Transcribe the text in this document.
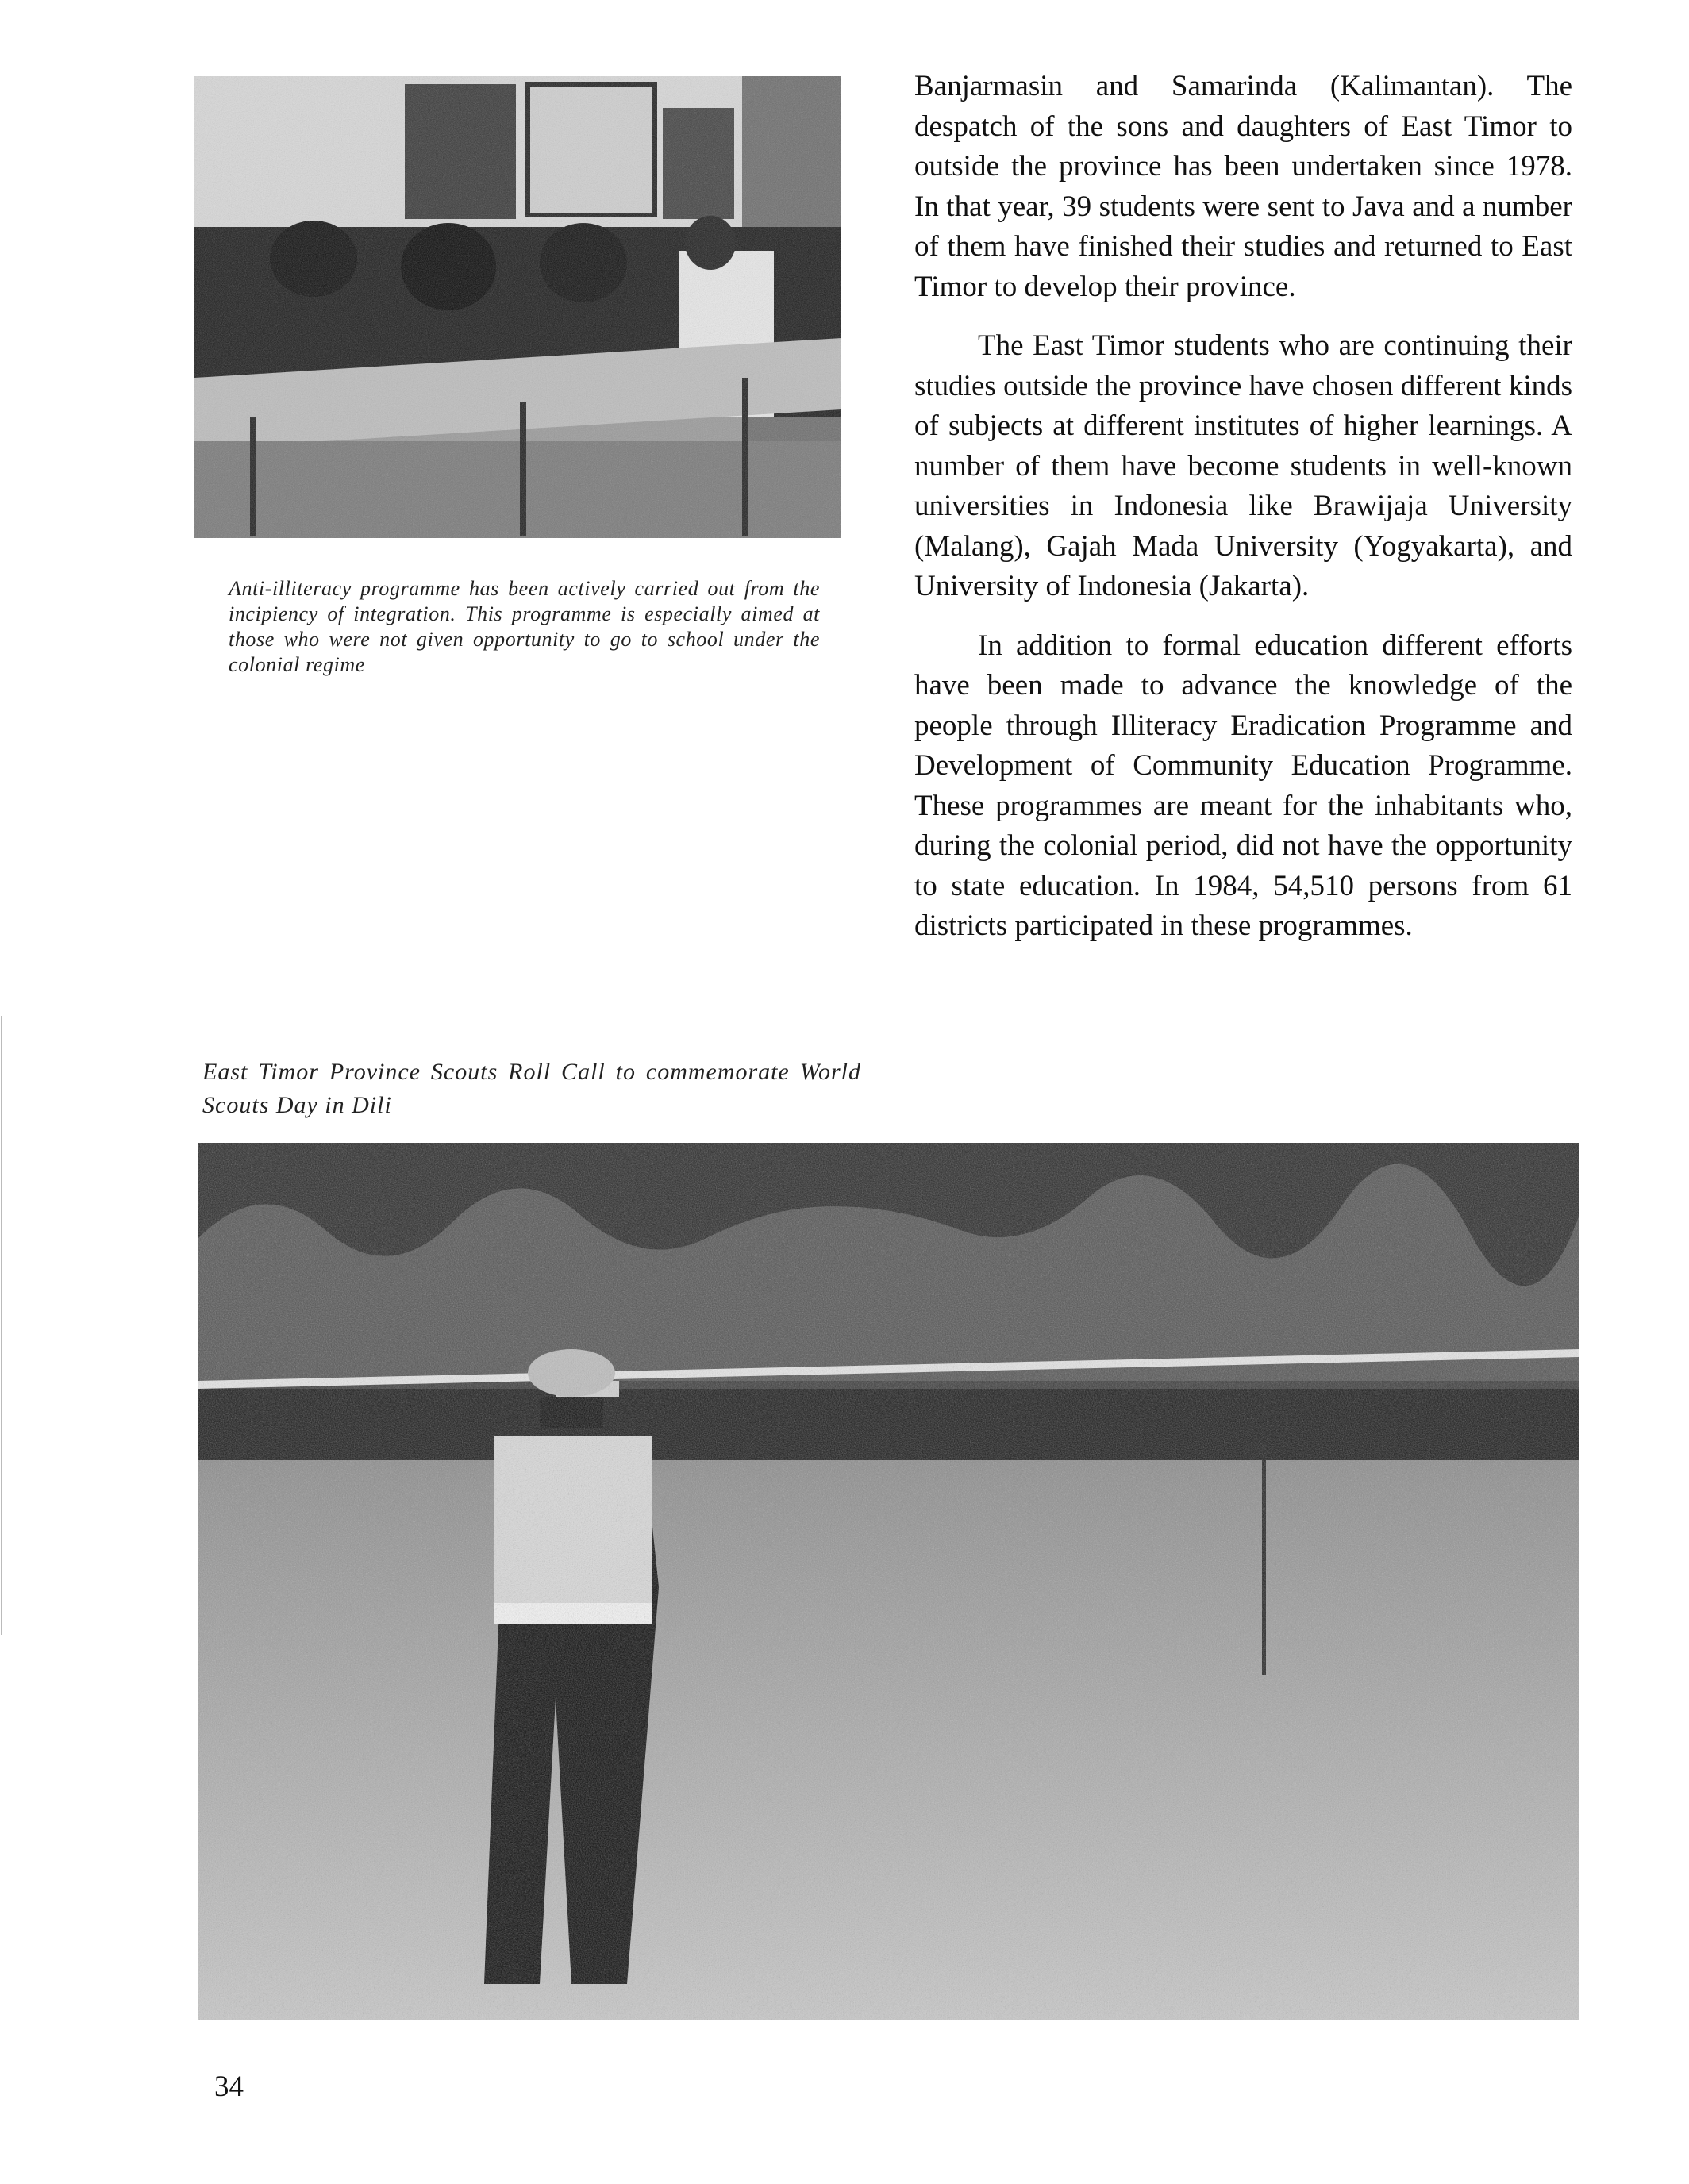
Anti-illiteracy programme has been actively carried out from the incipiency of integration. This programme is especially aimed at those who were not given opportunity to go to school under the colonial regime

Banjarmasin and Samarinda (Kalimantan). The despatch of the sons and daughters of East Timor to outside the province has been undertaken since 1978. In that year, 39 students were sent to Java and a number of them have finished their studies and returned to East Timor to develop their province.

The East Timor students who are continuing their studies outside the province have chosen different kinds of subjects at different institutes of higher learnings. A number of them have become students in well-known universities in Indonesia like Brawijaja University (Malang), Gajah Mada University (Yogyakarta), and University of Indonesia (Jakarta).

In addition to formal education different efforts have been made to advance the knowledge of the people through Illiteracy Eradication Programme and Development of Community Education Programme. These programmes are meant for the inhabitants who, during the colonial period, did not have the opportunity to state education. In 1984, 54,510 persons from 61 districts participated in these programmes.

East Timor Province Scouts Roll Call to commemorate World Scouts Day in Dili

34
